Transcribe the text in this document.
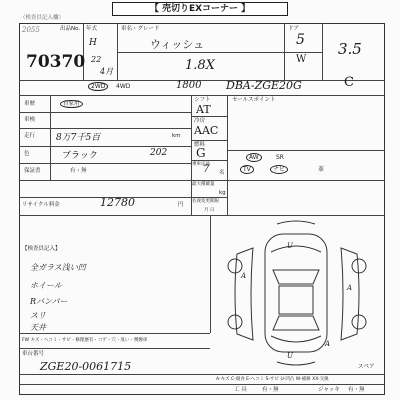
【 売切りEXコーナー 】
（検査員記入欄）
出品No.
2055
70370
年式
H
22
4月
車名・グレード
ウィッシュ
1.8X
ドア
5
W
3.5
C
2WD	4WD	1800 DBA-ZGE20G
車歴	自家用
車検
走行 8万7千5百	km
色	ブラック	202
保証書	有・無
リサイクル料金	12780	円
シフト
AT
冷房
AAC
燃料
G
乗車定員
7 名
最大積載量
kg
名義変更期限
月 日
セールスポイント
AW	SR
TV	ナビ	革
【検査員記入】
全ガラス浅い凹
ホイール
Rバンパー
スリ
天井
U
A
A
A
U
スペア
FW キズ・ヘコミ・サビ・修理歴有・コゲ・穴・臭い・喫煙車
車台番号
ZGE20-0061715
A-キズ C-腐食 E-ヘコミ S-サビ U-凹凸 W-補修 XX-交換
工 具	有・無	ジャッキ 有・無
